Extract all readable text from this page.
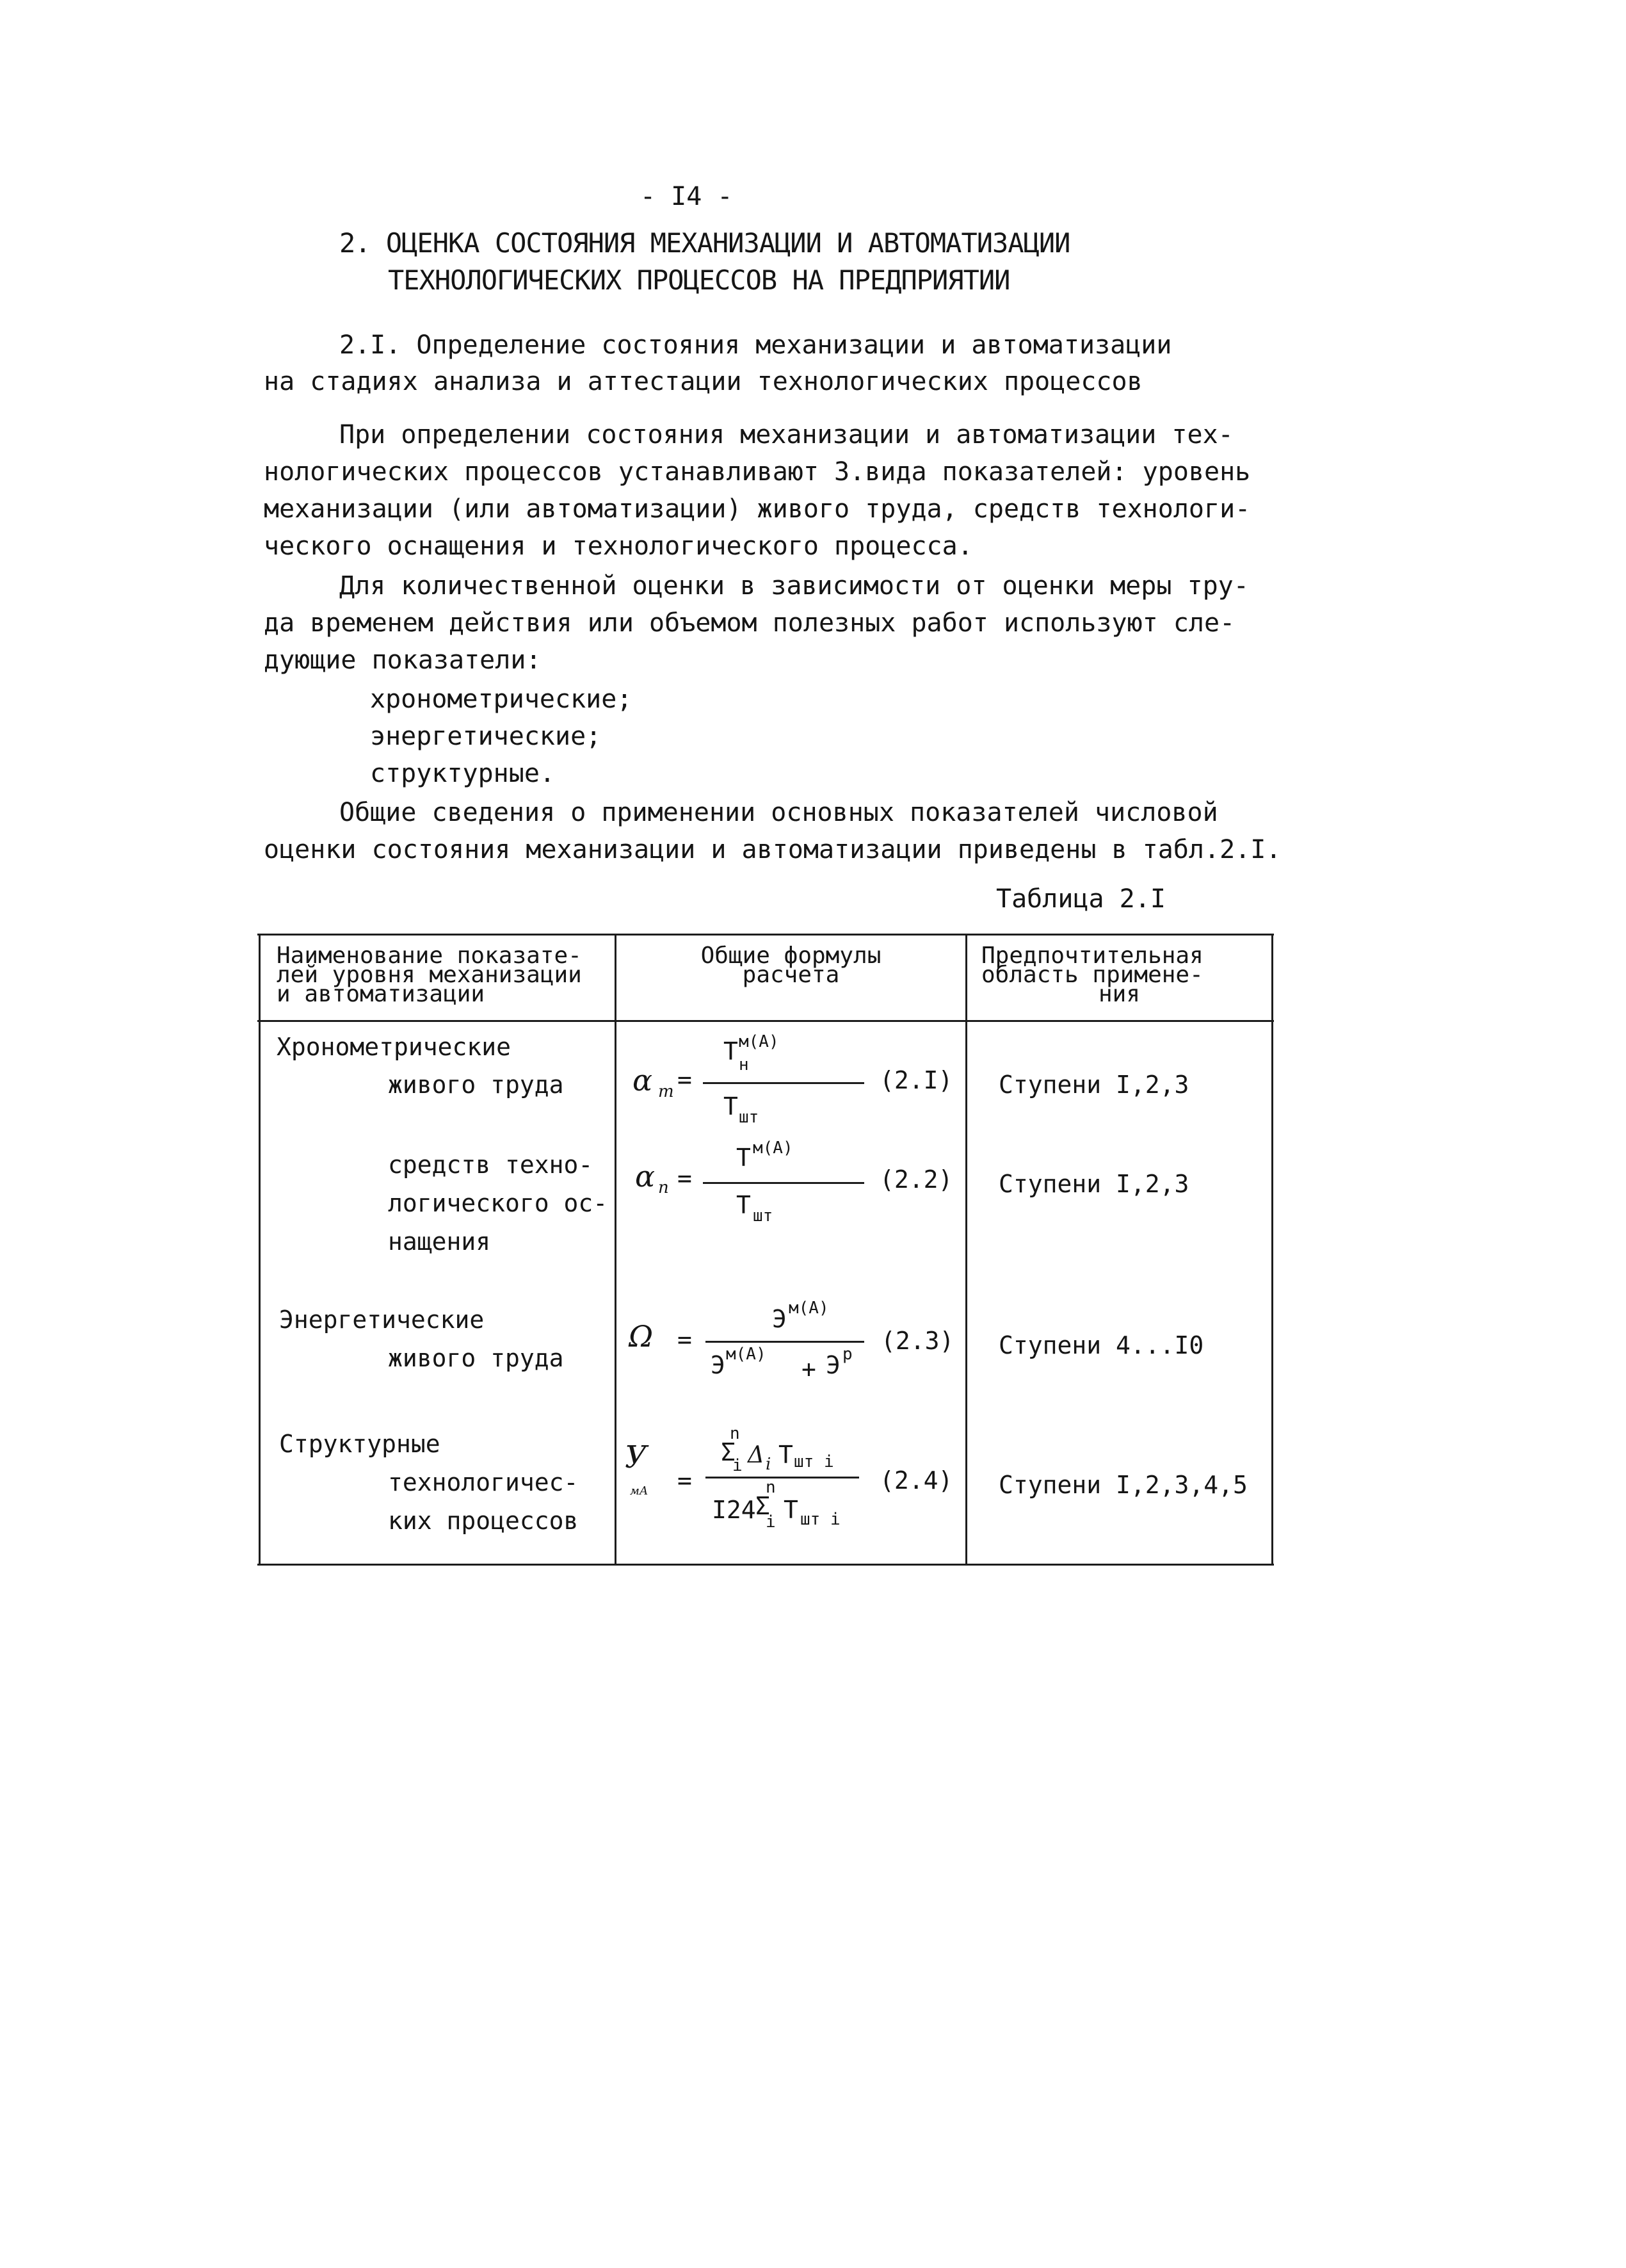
- I4 -
2. ОЦЕНКА СОСТОЯНИЯ МЕХАНИЗАЦИИ И АВТОМАТИЗАЦИИ
ТЕХНОЛОГИЧЕСКИХ ПРОЦЕССОВ НА ПРЕДПРИЯТИИ
2.I. Определение состояния механизации и автоматизации
на стадиях анализа и аттестации технологических процессов
При определении состояния механизации и автоматизации тех-
нологических процессов устанавливают 3.вида показателей: уровень
механизации (или автоматизации) живого труда, средств технологи-
ческого оснащения и технологического процесса.
Для количественной оценки в зависимости от оценки меры тру-
да временем действия или объемом полезных работ используют сле-
дующие показатели:
хронометрические;
энергетические;
структурные.
Общие сведения о применении основных показателей числовой
оценки состояния механизации и автоматизации приведены в табл.2.I.
Таблица 2.I
Наименование показате-
лей уровня механизации
и автоматизации
Общие формулы
расчета
Предпочтительная
область примене-
ния
Хронометрические
живого труда α т =
Т м(А)
н
Т шт
(2.I) Ступени I,2,3
средств техно-
логического ос-
нащения
α п =
Т м(А)
Т шт
(2.2) Ступени I,2,3
Энергетические
живого труда
Ω =
Э м(А)
Э м(А)
+ Э р (2.3) Ступени 4...I0
Структурные
технологичес-
ких процессов
У
мА =
n
Σ
i Δ i Т шт i
n
I24 Σ
i Т шт i
(2.4) Ступени I,2,3,4,5
